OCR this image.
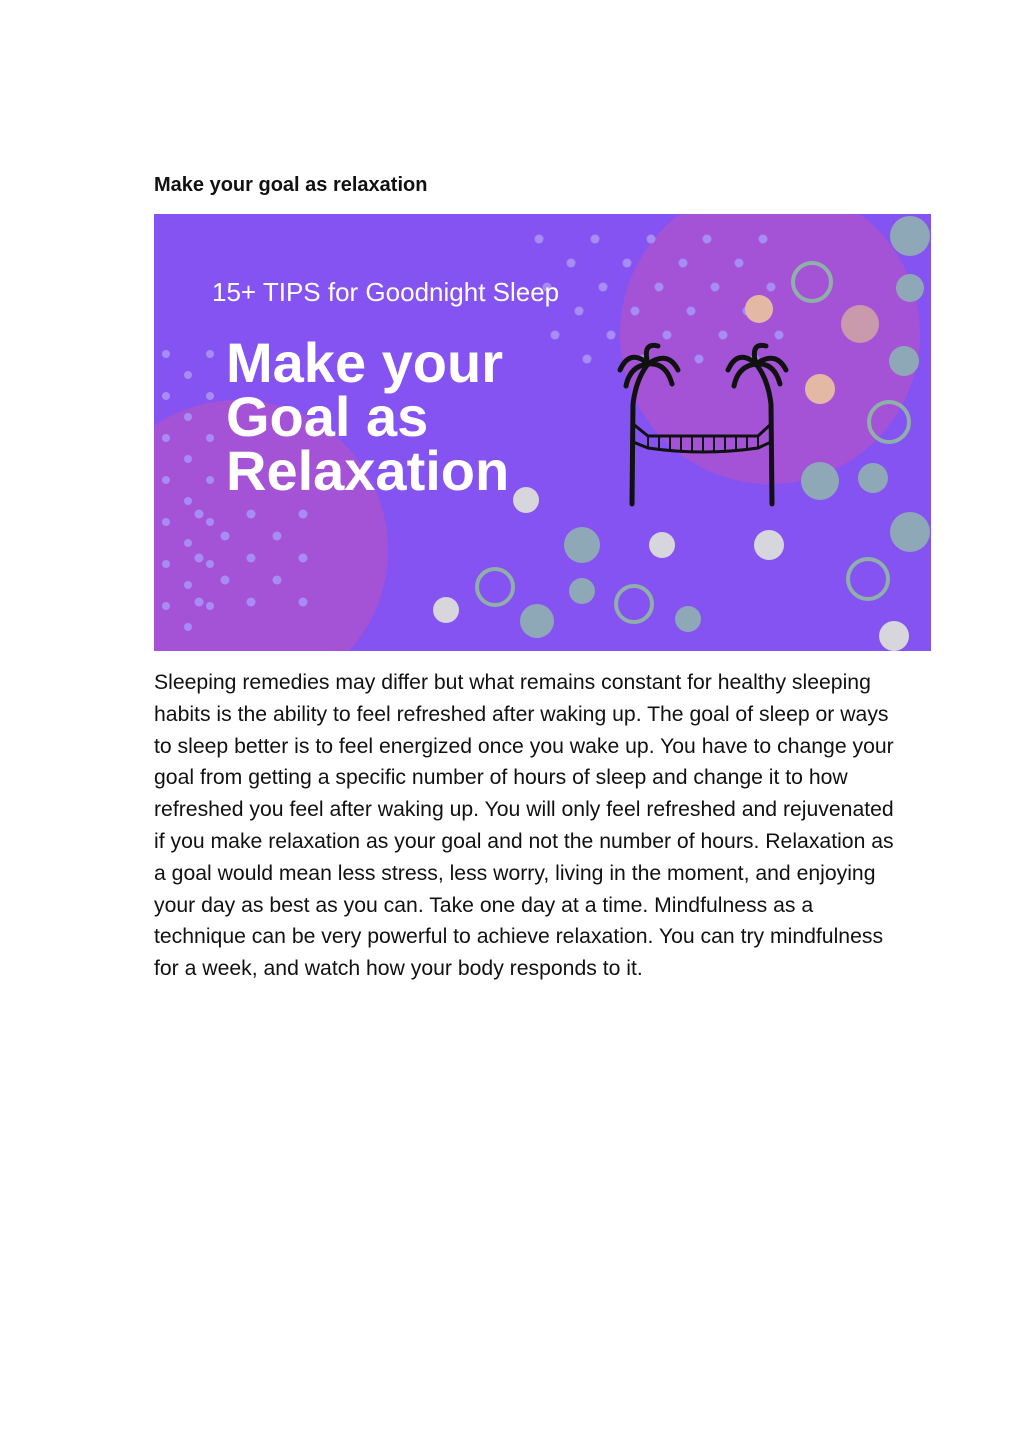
Make your goal as relaxation
15+ TIPS for Goodnight Sleep
Make your
Goal as
Relaxation

Sleeping remedies may differ but what remains constant for healthy sleeping habits is the ability to feel refreshed after waking up. The goal of sleep or ways to sleep better is to feel energized once you wake up. You have to change your goal from getting a specific number of hours of sleep and change it to how refreshed you feel after waking up. You will only feel refreshed and rejuvenated if you make relaxation as your goal and not the number of hours. Relaxation as a goal would mean less stress, less worry, living in the moment, and enjoying your day as best as you can. Take one day at a time. Mindfulness as a technique can be very powerful to achieve relaxation. You can try mindfulness for a week, and watch how your body responds to it.
